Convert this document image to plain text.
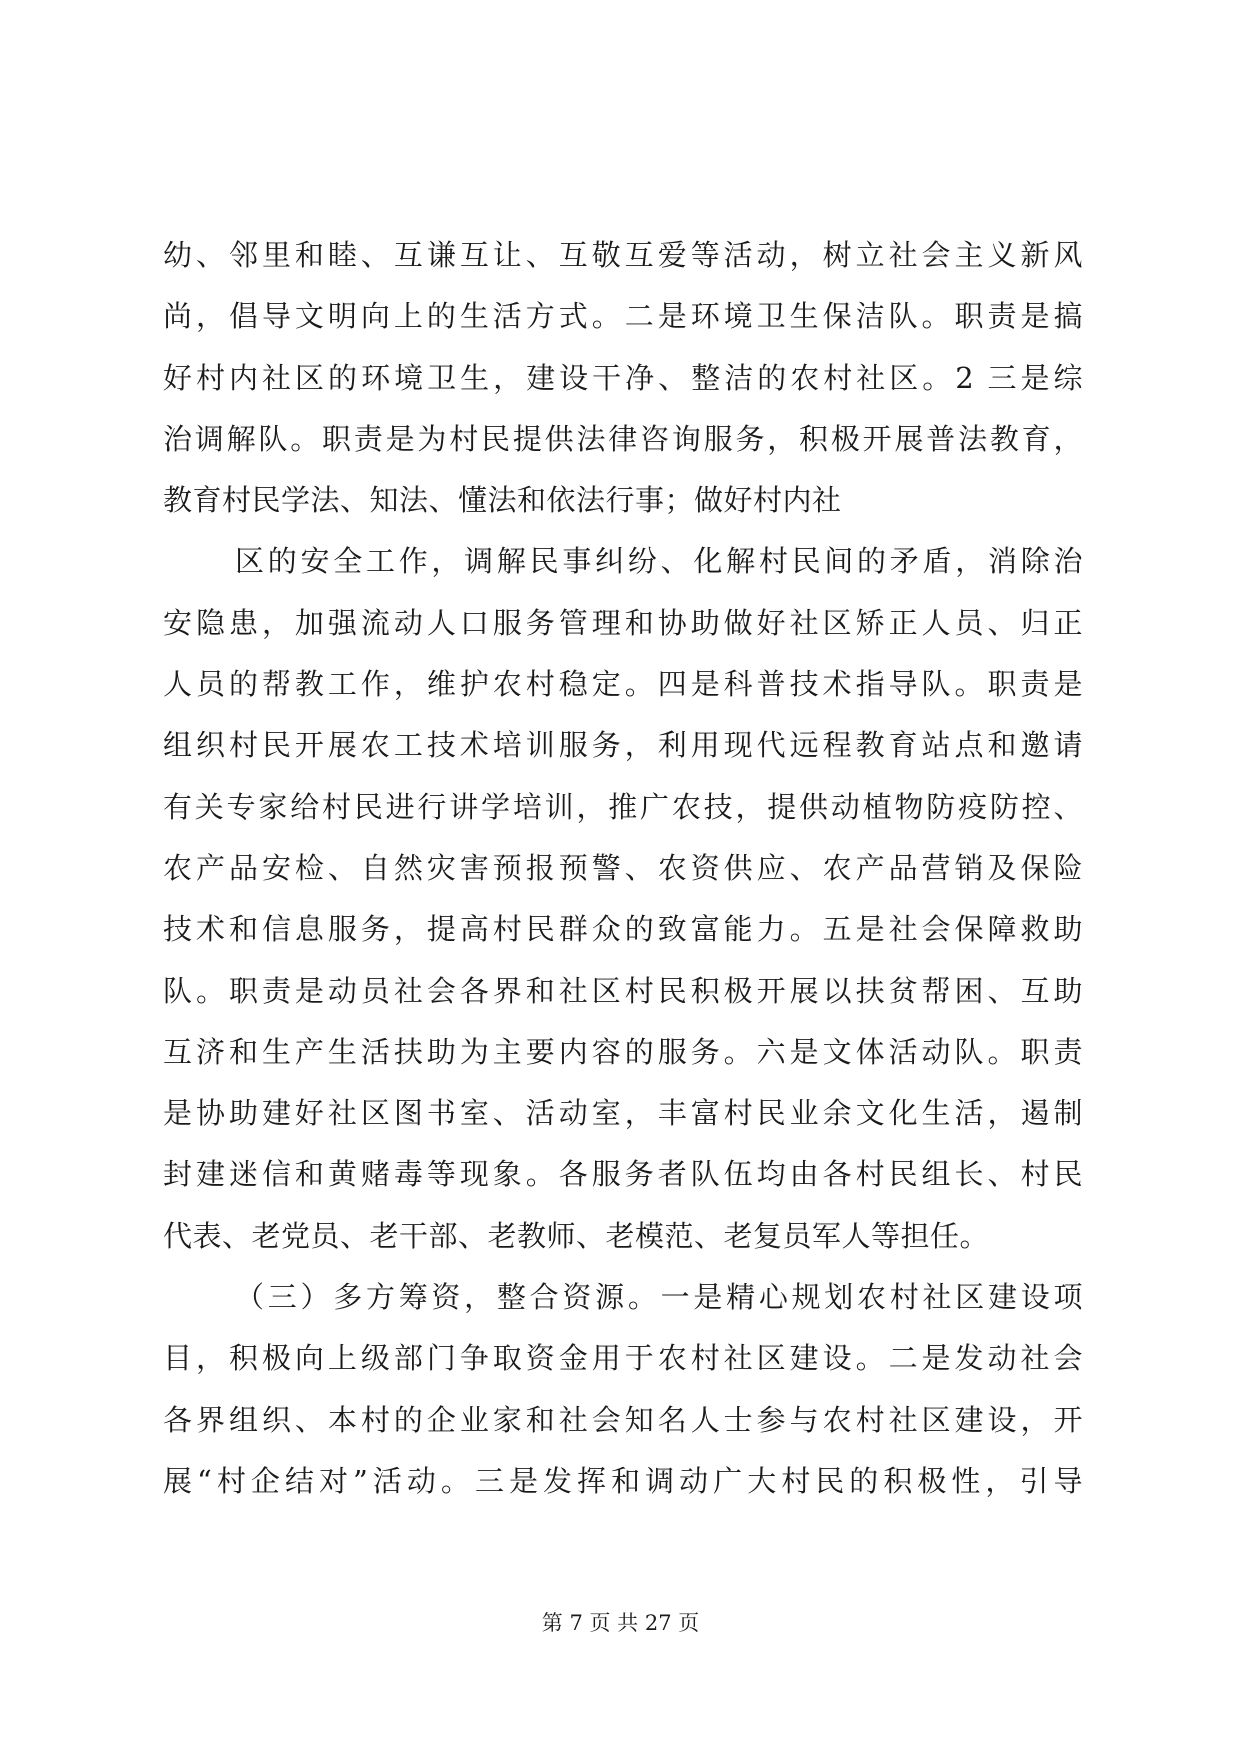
幼、邻里和睦、互谦互让、互敬互爱等活动，树立社会主义新风
尚，倡导文明向上的生活方式。二是环境卫生保洁队。职责是搞
好村内社区的环境卫生，建设干净、整洁的农村社区。2 三是综
治调解队。职责是为村民提供法律咨询服务，积极开展普法教育，
教育村民学法、知法、懂法和依法行事；做好村内社
区的安全工作，调解民事纠纷、化解村民间的矛盾，消除治
安隐患，加强流动人口服务管理和协助做好社区矫正人员、归正
人员的帮教工作，维护农村稳定。四是科普技术指导队。职责是
组织村民开展农工技术培训服务，利用现代远程教育站点和邀请
有关专家给村民进行讲学培训，推广农技，提供动植物防疫防控、
农产品安检、自然灾害预报预警、农资供应、农产品营销及保险
技术和信息服务，提高村民群众的致富能力。五是社会保障救助
队。职责是动员社会各界和社区村民积极开展以扶贫帮困、互助
互济和生产生活扶助为主要内容的服务。六是文体活动队。职责
是协助建好社区图书室、活动室，丰富村民业余文化生活，遏制
封建迷信和黄赌毒等现象。各服务者队伍均由各村民组长、村民
代表、老党员、老干部、老教师、老模范、老复员军人等担任。
（三）多方筹资，整合资源。一是精心规划农村社区建设项
目，积极向上级部门争取资金用于农村社区建设。二是发动社会
各界组织、本村的企业家和社会知名人士参与农村社区建设，开
展“村企结对”活动。三是发挥和调动广大村民的积极性，引导
第 7 页 共 27 页
